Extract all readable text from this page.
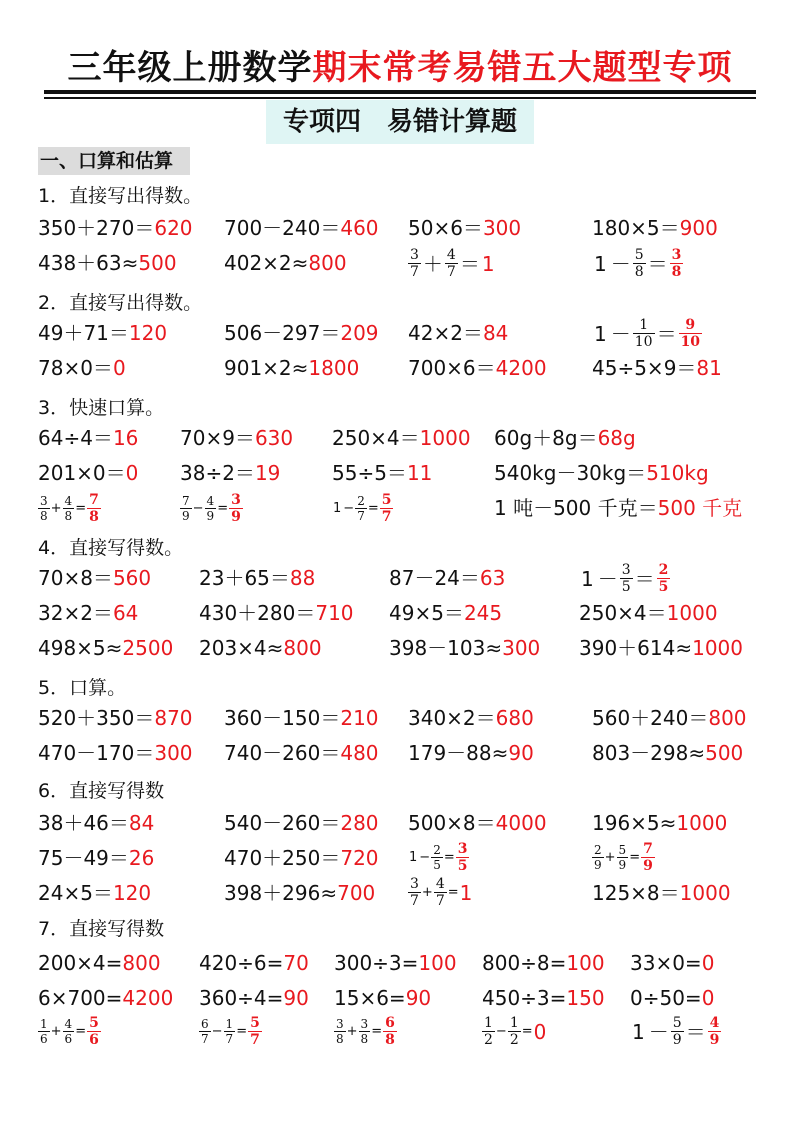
三年级上册数学期末常考易错五大题型专项
专项四　易错计算题
一、口算和估算
1．直接写出得数。
2．直接写出得数。
3．快速口算。
4．直接写得数。
5．口算。
6．直接写得数
7．直接写得数
350＋270＝620 700－240＝460 50×6＝300	180×5＝900
438＋63≈500 402×2≈800	$\frac{3}{7} + \frac{4}{7} = 1$	$1 - \frac{5}{8} = \frac{3}{8}$
49＋71＝120	506－297＝209 42×2＝84	$1 - \frac{1}{10} = \frac{9}{10}$
78×0＝0	901×2≈1800 700×6＝4200 45÷5×9＝81
64÷4＝16 70×9＝630 250×4＝1000 60g＋8g＝68g
201×0＝0 38÷2＝19	55÷5＝11	540kg－30kg＝510kg
$\frac{3}{8} + \frac{4}{8} = \frac{7}{8}$	$\frac{7}{9} - \frac{4}{9} = \frac{3}{9}$	$1 - \frac{2}{7} = \frac{5}{7}$	1 吨－500 千克＝500 千克
70×8＝560 23＋65＝88	87－24＝63	$1 - \frac{3}{5} = \frac{2}{5}$
32×2＝64	430＋280＝710 49×5＝245	250×4＝1000
498×5≈2500 203×4≈800	398－103≈300 390＋614≈1000
520＋350＝870 360－150＝210 340×2＝680	560＋240＝800
470－170＝300 740－260＝480 179－88≈90	803－298≈500
38＋46＝84	540－260＝280 500×8＝4000 196×5≈1000
75－49＝26	470＋250＝720 $1 - \frac{2}{5} = \frac{3}{5}$	$\frac{2}{9} + \frac{5}{9} = \frac{7}{9}$
24×5＝120	$398+296\approx 700 \frac{3}{7} + \frac{4}{7} =1$	125×8＝1000
200×4=800 420÷6=70 300÷3=100 800÷8=100 33×0=0
6×700=4200 360÷4=90 15×6=90	450÷3=150 0÷50=0
$\frac{1}{6} + \frac{4}{6} = \frac{5}{6}$	$\frac{6}{7} - \frac{1}{7} = \frac{5}{7}$	$\frac{3}{8} + \frac{3}{8} = \frac{6}{8}$	$\frac{1}{2} - \frac{1}{2} =0$	$1 - \frac{5}{9} = \frac{4}{9}$
